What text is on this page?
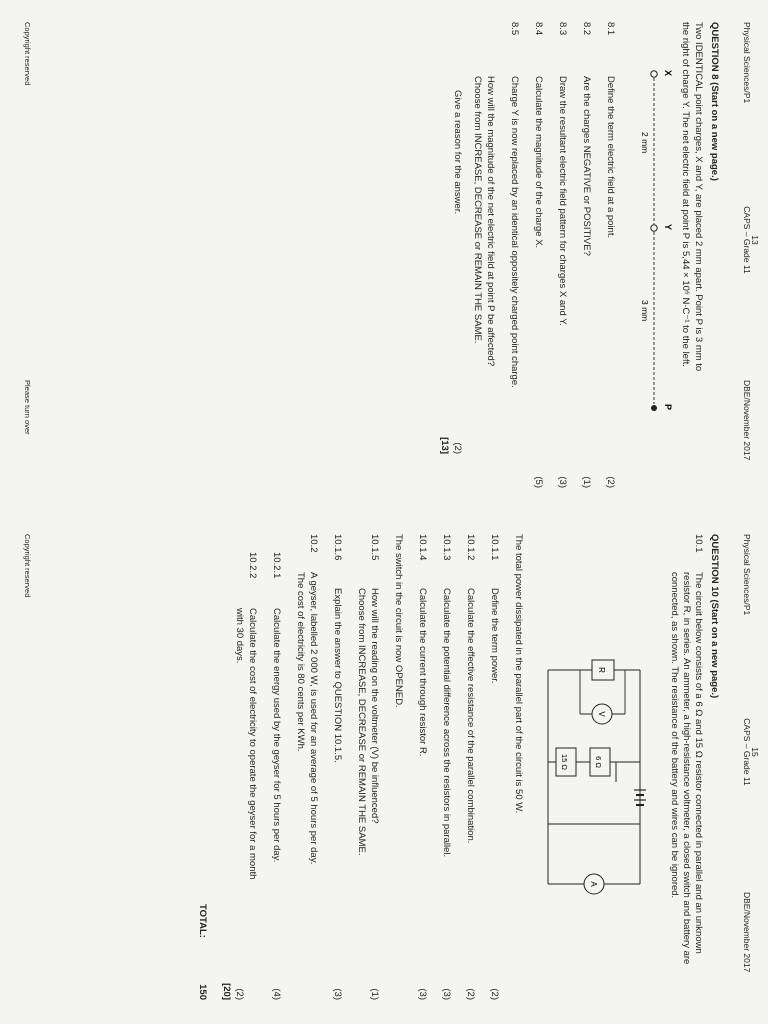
Physical Sciences/P1
13
CAPS – Grade 11
DBE/November 2017
QUESTION 8 (Start on a new page.)
Two IDENTICAL point charges, X and Y, are placed 2 mm apart. Point P is 3 mm to
the right of charge Y. The net electric field at point P is 5,44 × 10⁶ N·C⁻¹ to the left.
X
Y
P
2 mm
3 mm
8.1
Define the term electric field at a point.
(2)
8.2
Are the charges NEGATIVE or POSITIVE?
(1)
8.3
Draw the resultant electric field pattern for charges X and Y.
(3)
8.4
Calculate the magnitude of the charge X.
(5)
8.5
Charge Y is now replaced by an identical oppositely charged point charge.
How will the magnitude of the net electric field at point P be affected?
Choose from INCREASE, DECREASE or REMAIN THE SAME.
Give a reason for the answer.
(2)
[13]
Copyright reserved
Please turn over
Physical Sciences/P1
15
CAPS – Grade 11
DBE/November 2017
QUESTION 10 (Start on a new page.)
10.1
The circuit below consists of a 6 Ω and 15 Ω resistor connected in parallel and an unknown resistor R, in series. An ammeter, a high-resistance voltmeter, a closed switch and battery are connected, as shown. The resistance of the battery and wires can be ignored.
R
V
6 Ω
15 Ω
A
The total power dissipated in the parallel part of the circuit is 50 W.
10.1.1
Define the term power.
(2)
10.1.2
Calculate the effective resistance of the parallel combination.
(2)
10.1.3
Calculate the potential difference across the resistors in parallel.
(3)
10.1.4
Calculate the current through resistor R.
(3)
The switch in the circuit is now OPENED.
10.1.5
How will the reading on the voltmeter (V) be influenced?
Choose from INCREASE, DECREASE or REMAIN THE SAME.
(1)
10.1.6
Explain the answer to QUESTION 10.1.5.
(3)
10.2
A geyser, labelled 2 000 W, is used for an average of 5 hours per day.
The cost of electricity is 80 cents per KWh.
10.2.1
Calculate the energy used by the geyser for 5 hours per day.
(4)
10.2.2
Calculate the cost of electricity to operate the geyser for a month
with 30 days.
(2)
[20]
TOTAL:
150
Copyright reserved
